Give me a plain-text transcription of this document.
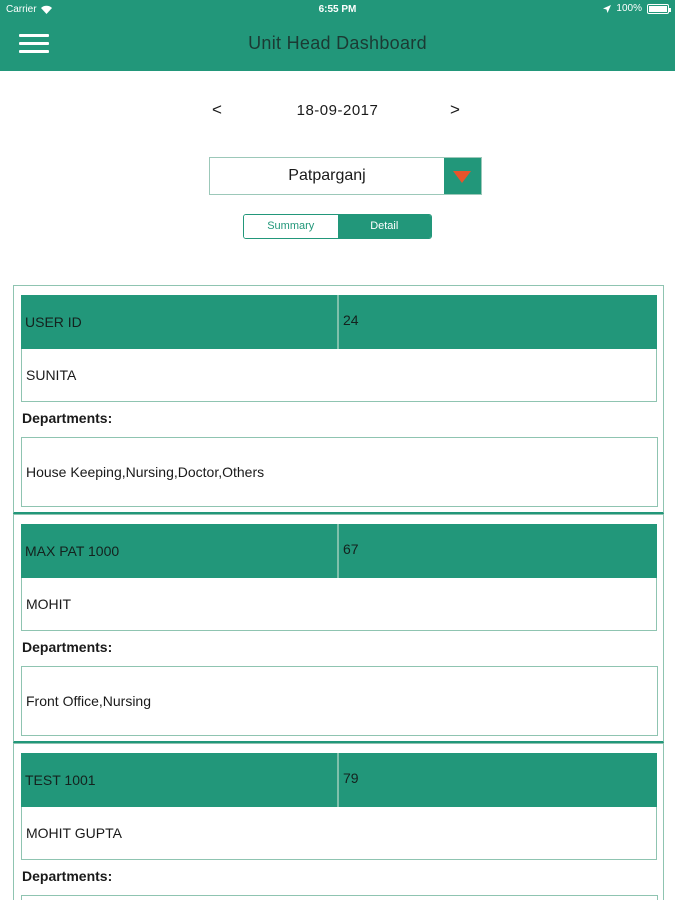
Carrier	6:55 PM	100%
Unit Head Dashboard
<	18-09-2017	>
Patparganj
Summary	Detail
USER ID	24
SUNITA
Departments:
House Keeping,Nursing,Doctor,Others
MAX PAT 1000	67
MOHIT
Departments:
Front Office,Nursing
TEST 1001	79
MOHIT GUPTA
Departments:
